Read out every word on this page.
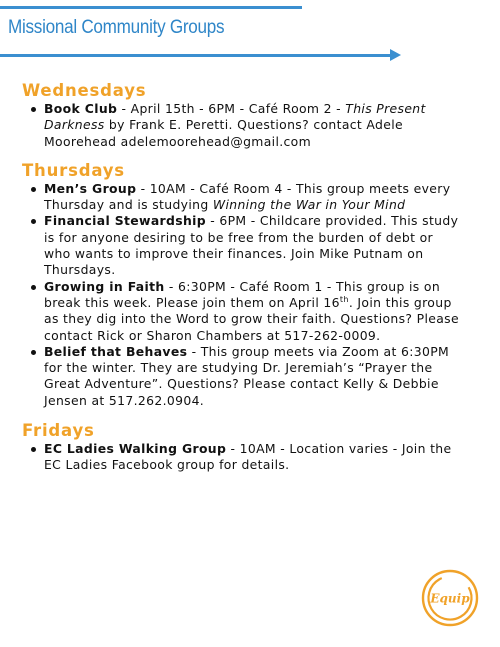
Missional Community Groups
Wednesdays
Book Club - April 15th - 6PM - Café Room 2 - This Present Darkness by Frank E. Peretti. Questions? contact Adele Moorehead adelemoorehead@gmail.com
Thursdays
Men’s Group - 10AM - Café Room 4 - This group meets every Thursday and is studying Winning the War in Your Mind
Financial Stewardship - 6PM - Childcare provided. This study is for anyone desiring to be free from the burden of debt or who wants to improve their finances. Join Mike Putnam on Thursdays.
Growing in Faith - 6:30PM - Café Room 1 - This group is on break this week. Please join them on April 16th. Join this group as they dig into the Word to grow their faith. Questions? Please contact Rick or Sharon Chambers at 517-262-0009.
Belief that Behaves - This group meets via Zoom at 6:30PM for the winter. They are studying Dr. Jeremiah’s “Prayer the Great Adventure”. Questions? Please contact Kelly & Debbie Jensen at 517.262.0904.
Fridays
EC Ladies Walking Group - 10AM - Location varies - Join the EC Ladies Facebook group for details.
Equip
